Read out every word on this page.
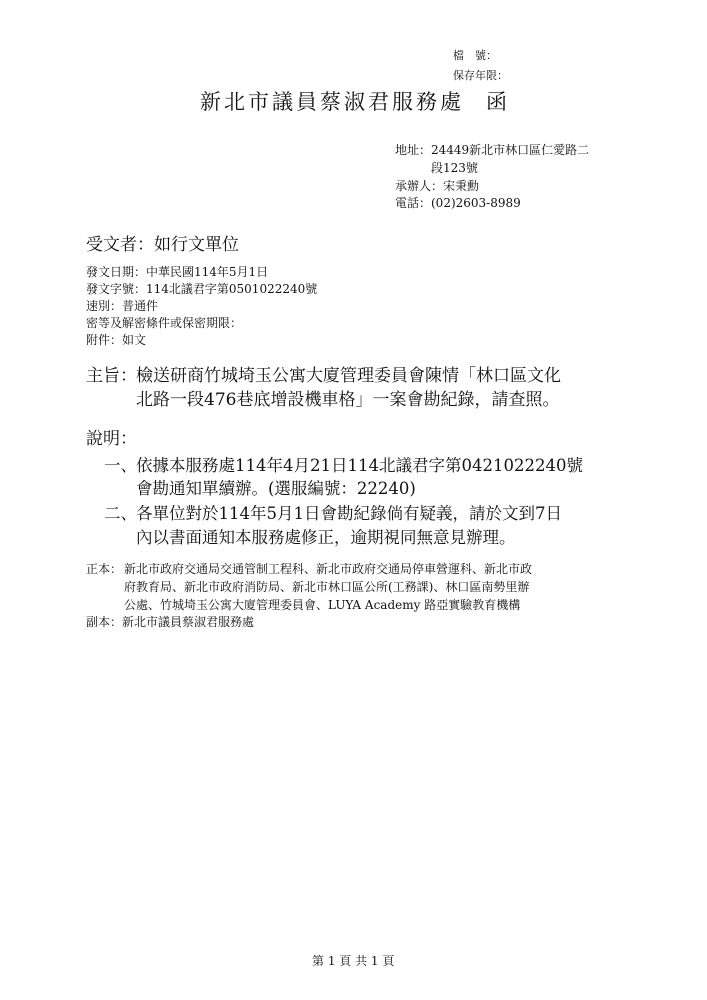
檔　號：
保存年限：
新北市議員蔡淑君服務處 函
地址：24449新北市林口區仁愛路二
段123號
承辦人：宋秉勳
電話：(02)2603-8989
受文者：如行文單位
發文日期：中華民國114年5月1日
發文字號：114北議君字第0501022240號
速別：普通件
密等及解密條件或保密期限：
附件：如文
主旨： 檢送研商竹城埼玉公寓大廈管理委員會陳情「林口區文化
北路一段476巷底增設機車格」一案會勘紀錄，請查照。
說明：
一、 依據本服務處114年4月21日114北議君字第0421022240號
會勘通知單續辦。(選服編號：22240)
二、 各單位對於114年5月1日會勘紀錄倘有疑義，請於文到7日
內以書面通知本服務處修正，逾期視同無意見辦理。
正本： 新北市政府交通局交通管制工程科、新北市政府交通局停車營運科、新北市政
府教育局、新北市政府消防局、新北市林口區公所(工務課)、林口區南勢里辦
公處、竹城埼玉公寓大廈管理委員會、LUYA Academy 路亞實驗教育機構
副本：新北市議員蔡淑君服務處
第 1 頁 共 1 頁
